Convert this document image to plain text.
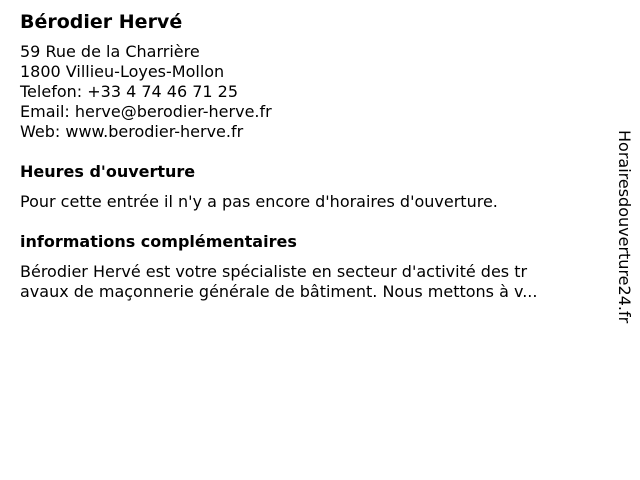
Bérodier Hervé
59 Rue de la Charrière
1800 Villieu-Loyes-Mollon
Telefon: +33 4 74 46 71 25
Email: herve@berodier-herve.fr
Web: www.berodier-herve.fr
Heures d'ouverture
Pour cette entrée il n'y a pas encore d'horaires d'ouverture.
informations complémentaires
Bérodier Hervé est votre spécialiste en secteur d'activité des tr
avaux de maçonnerie générale de bâtiment. Nous mettons à v...	Horairesdouverture24.fr
